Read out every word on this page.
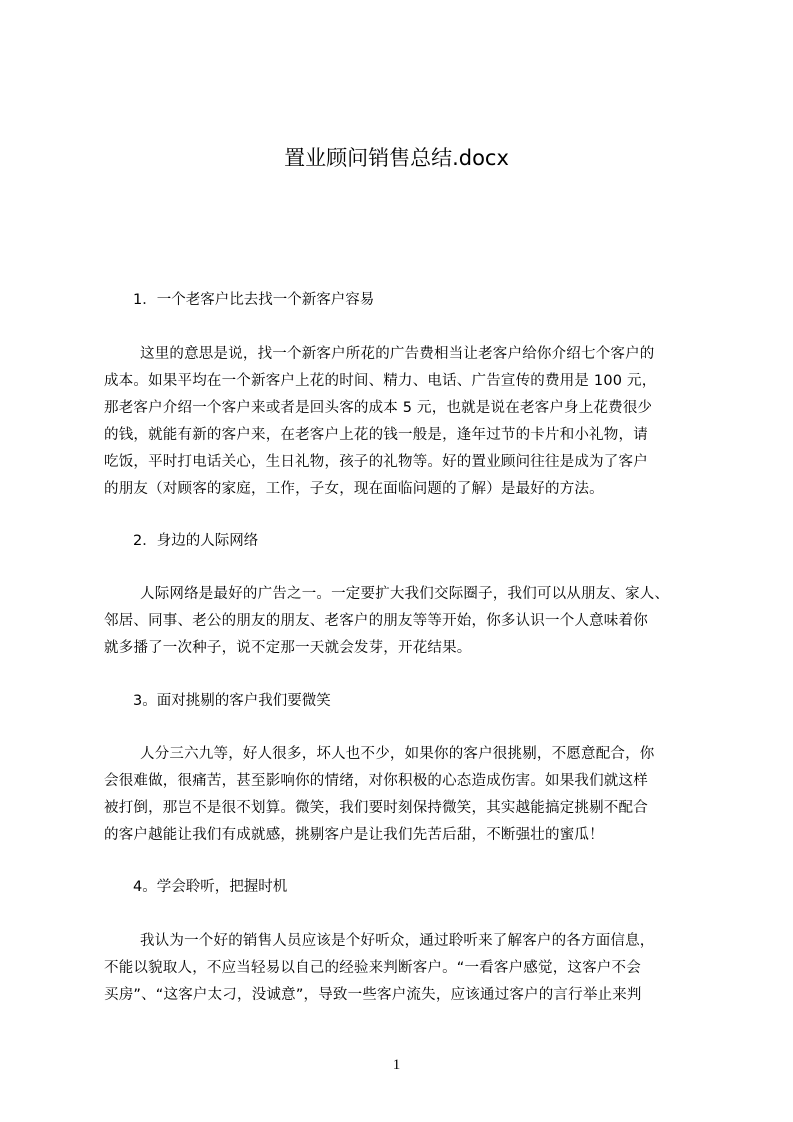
置业顾问销售总结.docx
1．一个老客户比去找一个新客户容易
这里的意思是说，找一个新客户所花的广告费相当让老客户给你介绍七个客户的
成本。如果平均在一个新客户上花的时间、精力、电话、广告宣传的费用是 100 元，
那老客户介绍一个客户来或者是回头客的成本 5 元，也就是说在老客户身上花费很少
的钱，就能有新的客户来，在老客户上花的钱一般是，逢年过节的卡片和小礼物，请
吃饭，平时打电话关心，生日礼物，孩子的礼物等。好的置业顾问往往是成为了客户
的朋友（对顾客的家庭，工作，子女，现在面临问题的了解）是最好的方法。
2．身边的人际网络
人际网络是最好的广告之一。一定要扩大我们交际圈子，我们可以从朋友、家人、
邻居、同事、老公的朋友的朋友、老客户的朋友等等开始，你多认识一个人意味着你
就多播了一次种子，说不定那一天就会发芽，开花结果。
3。面对挑剔的客户我们要微笑
人分三六九等，好人很多，坏人也不少，如果你的客户很挑剔，不愿意配合，你
会很难做，很痛苦，甚至影响你的情绪，对你积极的心态造成伤害。如果我们就这样
被打倒，那岂不是很不划算。微笑，我们要时刻保持微笑，其实越能搞定挑剔不配合
的客户越能让我们有成就感，挑剔客户是让我们先苦后甜，不断强壮的蜜瓜！
4。学会聆听，把握时机
我认为一个好的销售人员应该是个好听众，通过聆听来了解客户的各方面信息，
不能以貌取人，不应当轻易以自己的经验来判断客户。“一看客户感觉，这客户不会
买房”、“这客户太刁，没诚意”，导致一些客户流失，应该通过客户的言行举止来判
1
